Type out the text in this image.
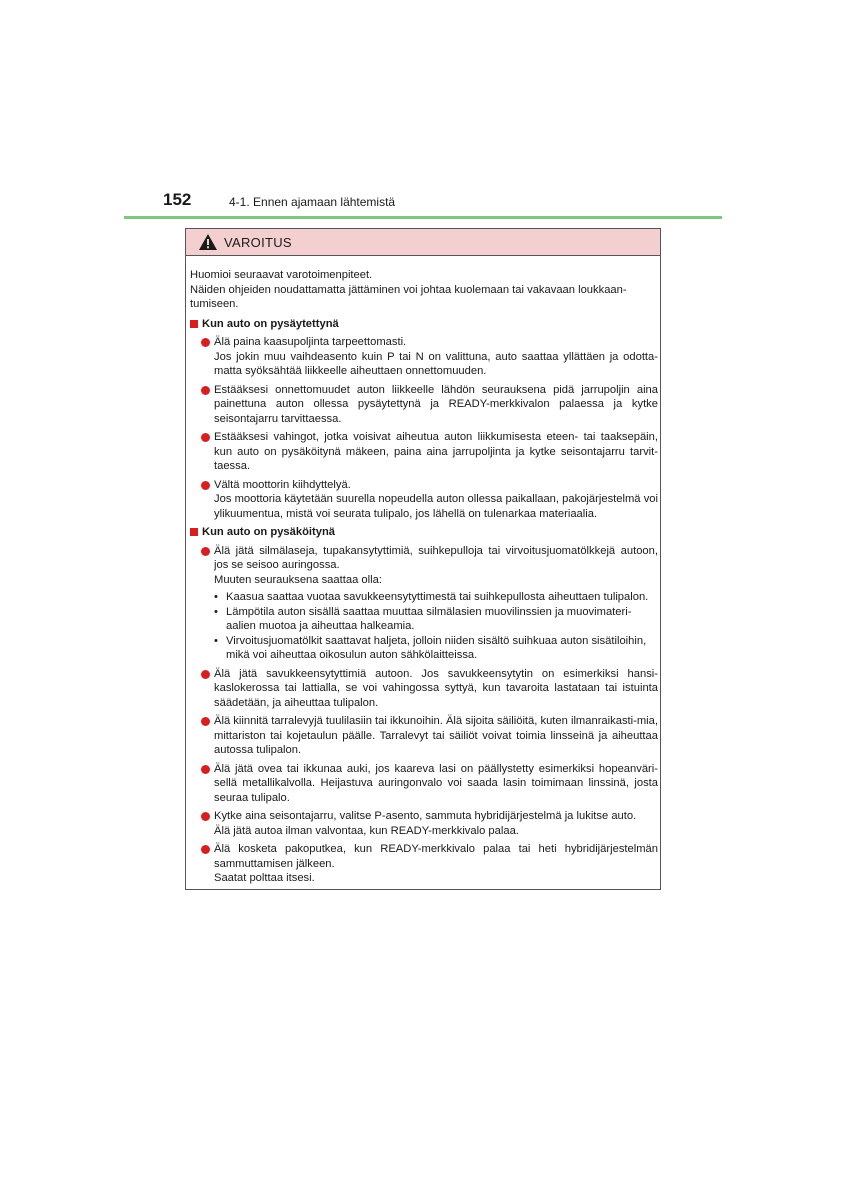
152	4-1. Ennen ajamaan lähtemistä
VAROITUS

Huomioi seuraavat varotoimenpiteet.

Näiden ohjeiden noudattamatta jättäminen voi johtaa kuolemaan tai vakavaan loukkaan-tumiseen.

Kun auto on pysäytettynä

Älä paina kaasupoljinta tarpeettomasti.

Jos jokin muu vaihdeasento kuin P tai N on valittuna, auto saattaa yllättäen ja odotta-matta syöksähtää liikkeelle aiheuttaen onnettomuuden.

Estääksesi onnettomuudet auton liikkeelle lähdön seurauksena pidä jarrupoljin aina painettuna auton ollessa pysäytettynä ja READY-merkkivalon palaessa ja kytke seisontajarru tarvittaessa.

Estääksesi vahingot, jotka voisivat aiheutua auton liikkumisesta eteen- tai taaksepäin, kun auto on pysäköitynä mäkeen, paina aina jarrupoljinta ja kytke seisontajarru tarvit-taessa.

Vältä moottorin kiihdyttelyä.

Jos moottoria käytetään suurella nopeudella auton ollessa paikallaan, pakojärjestelmä voi ylikuumentua, mistä voi seurata tulipalo, jos lähellä on tulenarkaa materiaalia.

Kun auto on pysäköitynä

Älä jätä silmälaseja, tupakansytyttimiä, suihkepulloja tai virvoitusjuomatölkkejä autoon, jos se seisoo auringossa.

Muuten seurauksena saattaa olla:

• Kaasua saattaa vuotaa savukkeensytyttimestä tai suihkepullosta aiheuttaen tulipalon.
• Lämpötila auton sisällä saattaa muuttaa silmälasien muovilinssien ja muovimateri-aalien muotoa ja aiheuttaa halkeamia.
• Virvoitusjuomatölkit saattavat haljeta, jolloin niiden sisältö suihkuaa auton sisätiloihin, mikä voi aiheuttaa oikosulun auton sähkölaitteissa.

Älä jätä savukkeensytyttimiä autoon. Jos savukkeensytytin on esimerkiksi hansi-kaslokerossa tai lattialla, se voi vahingossa syttyä, kun tavaroita lastataan tai istuinta säädetään, ja aiheuttaa tulipalon.

Älä kiinnitä tarralevyjä tuulilasiin tai ikkunoihin. Älä sijoita säiliöitä, kuten ilmanraikasti-mia, mittariston tai kojetaulun päälle. Tarralevyt tai säiliöt voivat toimia linsseinä ja aiheuttaa autossa tulipalon.

Älä jätä ovea tai ikkunaa auki, jos kaareva lasi on päällystetty esimerkiksi hopeanväri-sellä metallikalvolla. Heijastuva auringonvalo voi saada lasin toimimaan linssinä, josta seuraa tulipalo.

Kytke aina seisontajarru, valitse P-asento, sammuta hybridijärjestelmä ja lukitse auto.

Älä jätä autoa ilman valvontaa, kun READY-merkkivalo palaa.

Älä kosketa pakoputkea, kun READY-merkkivalo palaa tai heti hybridijärjestelmän sammuttamisen jälkeen.

Saatat polttaa itsesi.
